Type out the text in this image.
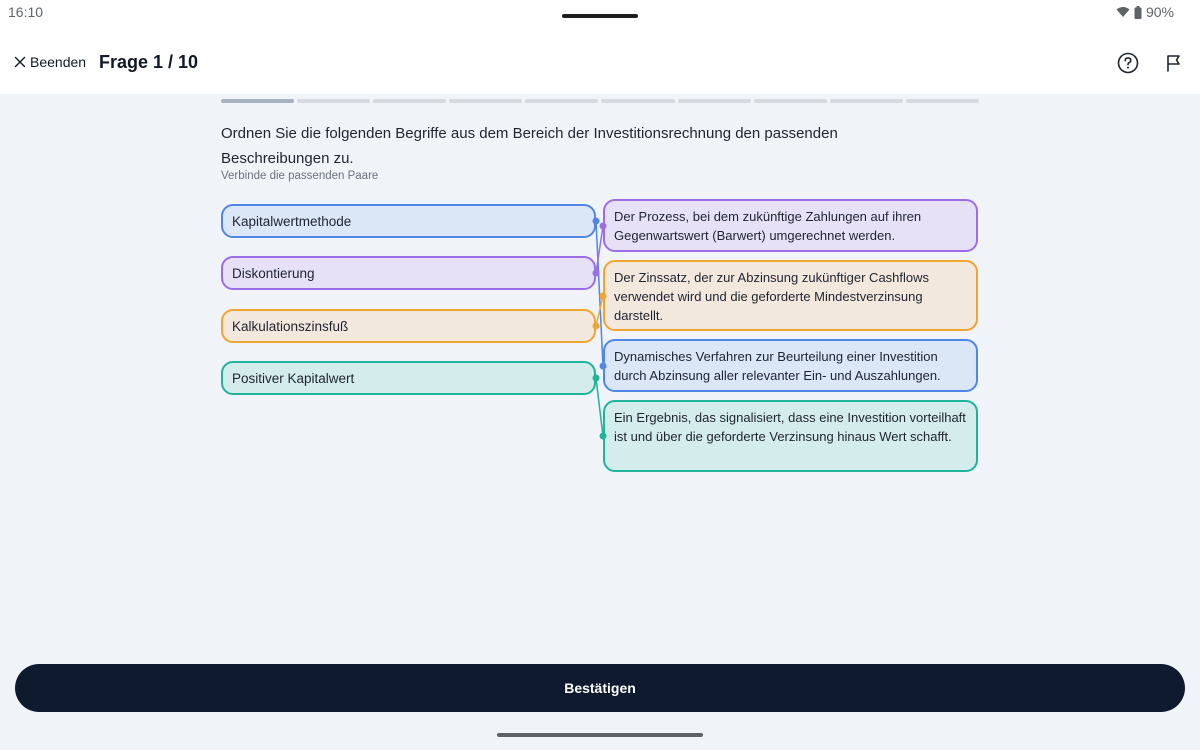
16:10	90%
Beenden Frage 1 / 10
Ordnen Sie die folgenden Begriffe aus dem Bereich der Investitionsrechnung den passenden Beschreibungen zu.
Verbinde die passenden Paare
Kapitalwertmethode
Diskontierung
Kalkulationszinsfuß
Positiver Kapitalwert
Der Prozess, bei dem zukünftige Zahlungen auf ihren Gegenwartswert (Barwert) umgerechnet werden.
Der Zinssatz, der zur Abzinsung zukünftiger Cashflows verwendet wird und die geforderte Mindestverzinsung darstellt.
Dynamisches Verfahren zur Beurteilung einer Investition durch Abzinsung aller relevanter Ein- und Auszahlungen.
Ein Ergebnis, das signalisiert, dass eine Investition vorteilhaft ist und über die geforderte Verzinsung hinaus Wert schafft.
Bestätigen
